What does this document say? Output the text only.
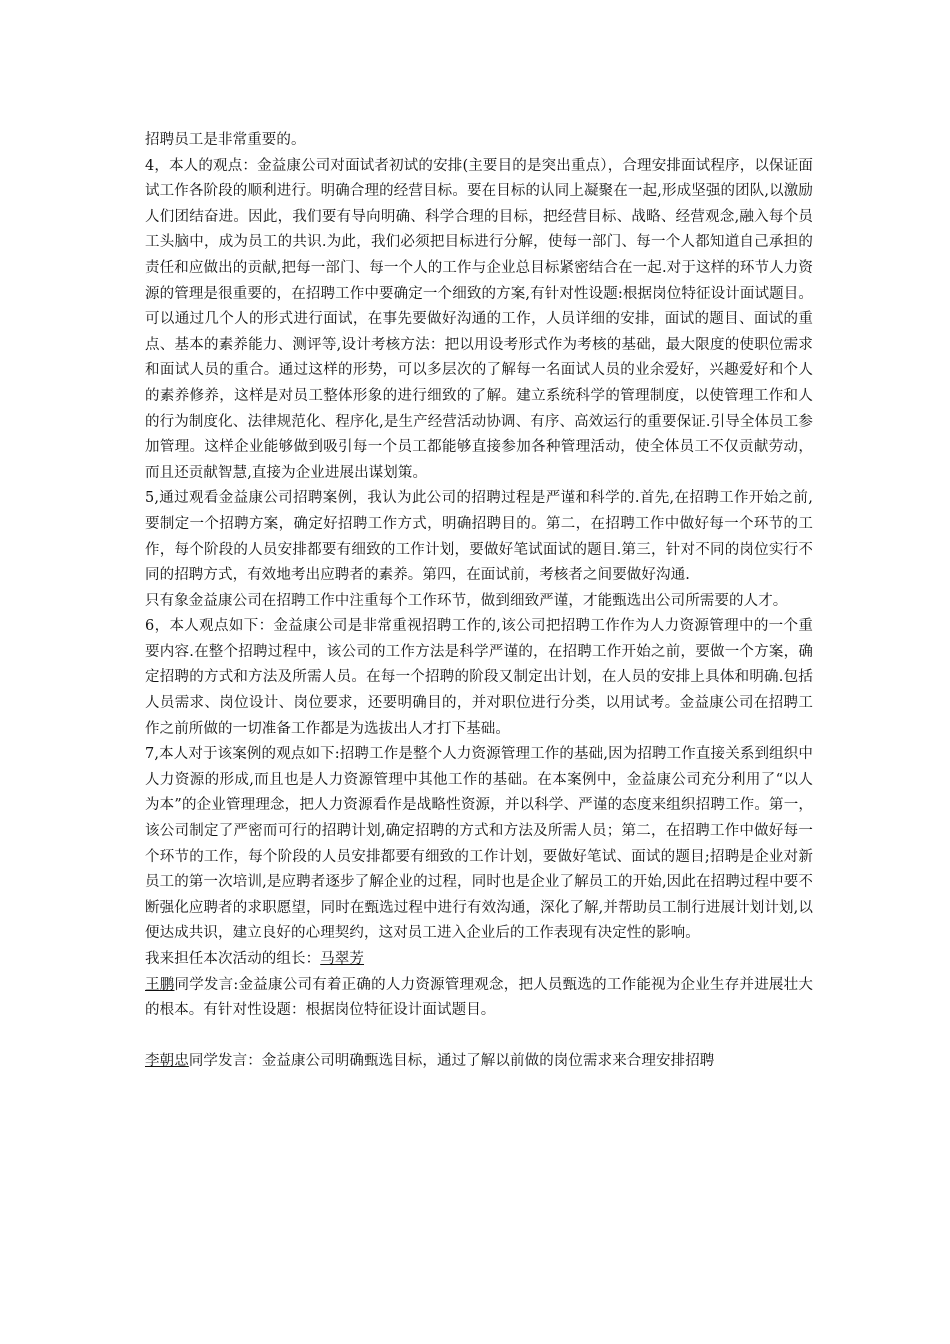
招聘员工是非常重要的。

4，本人的观点：金益康公司对面试者初试的安排(主要目的是突出重点），合理安排面试程序，以保证面试工作各阶段的顺利进行。明确合理的经营目标。要在目标的认同上凝聚在一起,形成坚强的团队,以激励人们团结奋进。因此，我们要有导向明确、科学合理的目标，把经营目标、战略、经营观念,融入每个员工头脑中，成为员工的共识.为此，我们必须把目标进行分解，使每一部门、每一个人都知道自己承担的责任和应做出的贡献,把每一部门、每一个人的工作与企业总目标紧密结合在一起.对于这样的环节人力资源的管理是很重要的，在招聘工作中要确定一个细致的方案,有针对性设题:根据岗位特征设计面试题目。可以通过几个人的形式进行面试，在事先要做好沟通的工作，人员详细的安排，面试的题目、面试的重点、基本的素养能力、测评等,设计考核方法：把以用设考形式作为考核的基础，最大限度的使职位需求和面试人员的重合。通过这样的形势，可以多层次的了解每一名面试人员的业余爱好，兴趣爱好和个人的素养修养，这样是对员工整体形象的进行细致的了解。建立系统科学的管理制度，以使管理工作和人的行为制度化、法律规范化、程序化,是生产经营活动协调、有序、高效运行的重要保证.引导全体员工参加管理。这样企业能够做到吸引每一个员工都能够直接参加各种管理活动，使全体员工不仅贡献劳动，而且还贡献智慧,直接为企业进展出谋划策。

5,通过观看金益康公司招聘案例，我认为此公司的招聘过程是严谨和科学的.首先,在招聘工作开始之前,要制定一个招聘方案，确定好招聘工作方式，明确招聘目的。第二，在招聘工作中做好每一个环节的工作，每个阶段的人员安排都要有细致的工作计划，要做好笔试面试的题目.第三，针对不同的岗位实行不同的招聘方式，有效地考出应聘者的素养。第四，在面试前，考核者之间要做好沟通.

只有象金益康公司在招聘工作中注重每个工作环节，做到细致严谨，才能甄选出公司所需要的人才。

6，本人观点如下：金益康公司是非常重视招聘工作的,该公司把招聘工作作为人力资源管理中的一个重要内容.在整个招聘过程中，该公司的工作方法是科学严谨的，在招聘工作开始之前，要做一个方案，确定招聘的方式和方法及所需人员。在每一个招聘的阶段又制定出计划，在人员的安排上具体和明确.包括人员需求、岗位设计、岗位要求，还要明确目的，并对职位进行分类，以用试考。金益康公司在招聘工作之前所做的一切准备工作都是为选拔出人才打下基础。

7,本人对于该案例的观点如下:招聘工作是整个人力资源管理工作的基础,因为招聘工作直接关系到组织中人力资源的形成,而且也是人力资源管理中其他工作的基础。在本案例中，金益康公司充分利用了“以人为本”的企业管理理念，把人力资源看作是战略性资源，并以科学、严谨的态度来组织招聘工作。第一，该公司制定了严密而可行的招聘计划,确定招聘的方式和方法及所需人员；第二，在招聘工作中做好每一个环节的工作，每个阶段的人员安排都要有细致的工作计划，要做好笔试、面试的题目;招聘是企业对新员工的第一次培训,是应聘者逐步了解企业的过程，同时也是企业了解员工的开始,因此在招聘过程中要不断强化应聘者的求职愿望，同时在甄选过程中进行有效沟通，深化了解,并帮助员工制行进展计划计划,以便达成共识，建立良好的心理契约，这对员工进入企业后的工作表现有决定性的影响。

我来担任本次活动的组长：马翠芳

王鹏同学发言:金益康公司有着正确的人力资源管理观念，把人员甄选的工作能视为企业生存并进展壮大的根本。有针对性设题：根据岗位特征设计面试题目。

李朝忠同学发言：金益康公司明确甄选目标，通过了解以前做的岗位需求来合理安排招聘
